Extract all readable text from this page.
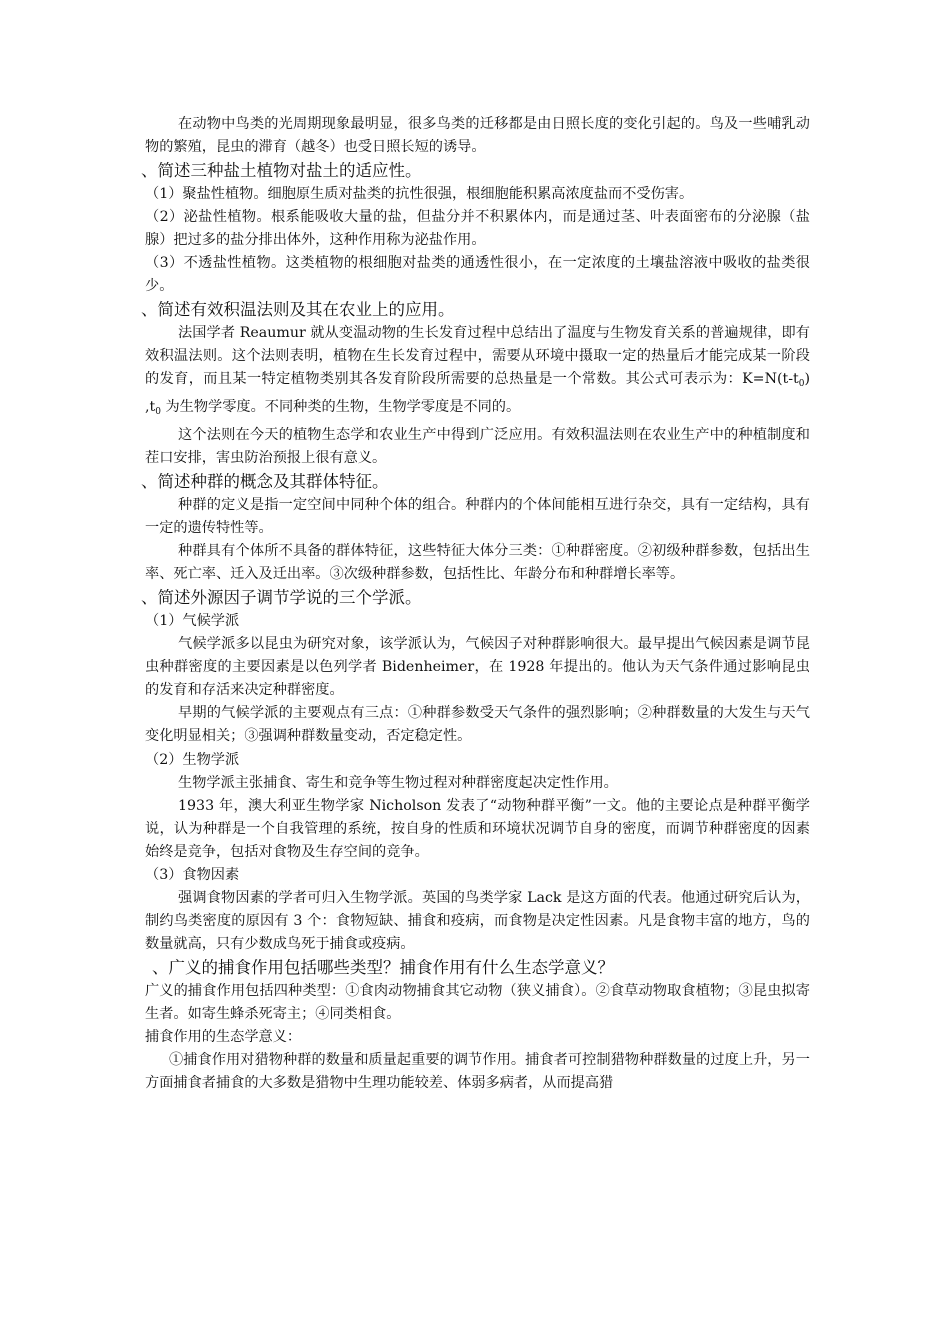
在动物中鸟类的光周期现象最明显，很多鸟类的迁移都是由日照长度的变化引起的。鸟及一些哺乳动物的繁殖，昆虫的滞育（越冬）也受日照长短的诱导。

、简述三种盐土植物对盐土的适应性。

（1）聚盐性植物。细胞原生质对盐类的抗性很强，根细胞能积累高浓度盐而不受伤害。

（2）泌盐性植物。根系能吸收大量的盐，但盐分并不积累体内，而是通过茎、叶表面密布的分泌腺（盐腺）把过多的盐分排出体外，这种作用称为泌盐作用。

（3）不透盐性植物。这类植物的根细胞对盐类的通透性很小，在一定浓度的土壤盐溶液中吸收的盐类很少。

、简述有效积温法则及其在农业上的应用。

法国学者 Reaumur 就从变温动物的生长发育过程中总结出了温度与生物发育关系的普遍规律，即有效积温法则。这个法则表明，植物在生长发育过程中，需要从环境中摄取一定的热量后才能完成某一阶段的发育，而且某一特定植物类别其各发育阶段所需要的总热量是一个常数。其公式可表示为：$K=N(t-t_0)$ $,t_0$ 为生物学零度。不同种类的生物，生物学零度是不同的。

这个法则在今天的植物生态学和农业生产中得到广泛应用。有效积温法则在农业生产中的种植制度和茬口安排，害虫防治预报上很有意义。

、简述种群的概念及其群体特征。

种群的定义是指一定空间中同种个体的组合。种群内的个体间能相互进行杂交，具有一定结构，具有一定的遗传特性等。

种群具有个体所不具备的群体特征，这些特征大体分三类：①种群密度。②初级种群参数，包括出生率、死亡率、迁入及迁出率。③次级种群参数，包括性比、年龄分布和种群增长率等。

、简述外源因子调节学说的三个学派。

（1）气候学派

气候学派多以昆虫为研究对象，该学派认为，气候因子对种群影响很大。最早提出气候因素是调节昆虫种群密度的主要因素是以色列学者 Bidenheimer，在 1928 年提出的。他认为天气条件通过影响昆虫的发育和存活来决定种群密度。

早期的气候学派的主要观点有三点：①种群参数受天气条件的强烈影响；②种群数量的大发生与天气变化明显相关；③强调种群数量变动，否定稳定性。

（2）生物学派

生物学派主张捕食、寄生和竞争等生物过程对种群密度起决定性作用。

1933 年，澳大利亚生物学家 Nicholson 发表了“动物种群平衡”一文。他的主要论点是种群平衡学说，认为种群是一个自我管理的系统，按自身的性质和环境状况调节自身的密度，而调节种群密度的因素始终是竞争，包括对食物及生存空间的竞争。

（3）食物因素

强调食物因素的学者可归入生物学派。英国的鸟类学家 Lack 是这方面的代表。他通过研究后认为，制约鸟类密度的原因有 3 个：食物短缺、捕食和疫病，而食物是决定性因素。凡是食物丰富的地方，鸟的数量就高，只有少数成鸟死于捕食或疫病。

、广义的捕食作用包括哪些类型？捕食作用有什么生态学意义？

广义的捕食作用包括四种类型：①食肉动物捕食其它动物（狭义捕食）。②食草动物取食植物；③昆虫拟寄生者。如寄生蜂杀死寄主；④同类相食。

捕食作用的生态学意义：

①捕食作用对猎物种群的数量和质量起重要的调节作用。捕食者可控制猎物种群数量的过度上升，另一方面捕食者捕食的大多数是猎物中生理功能较差、体弱多病者，从而提高猎
